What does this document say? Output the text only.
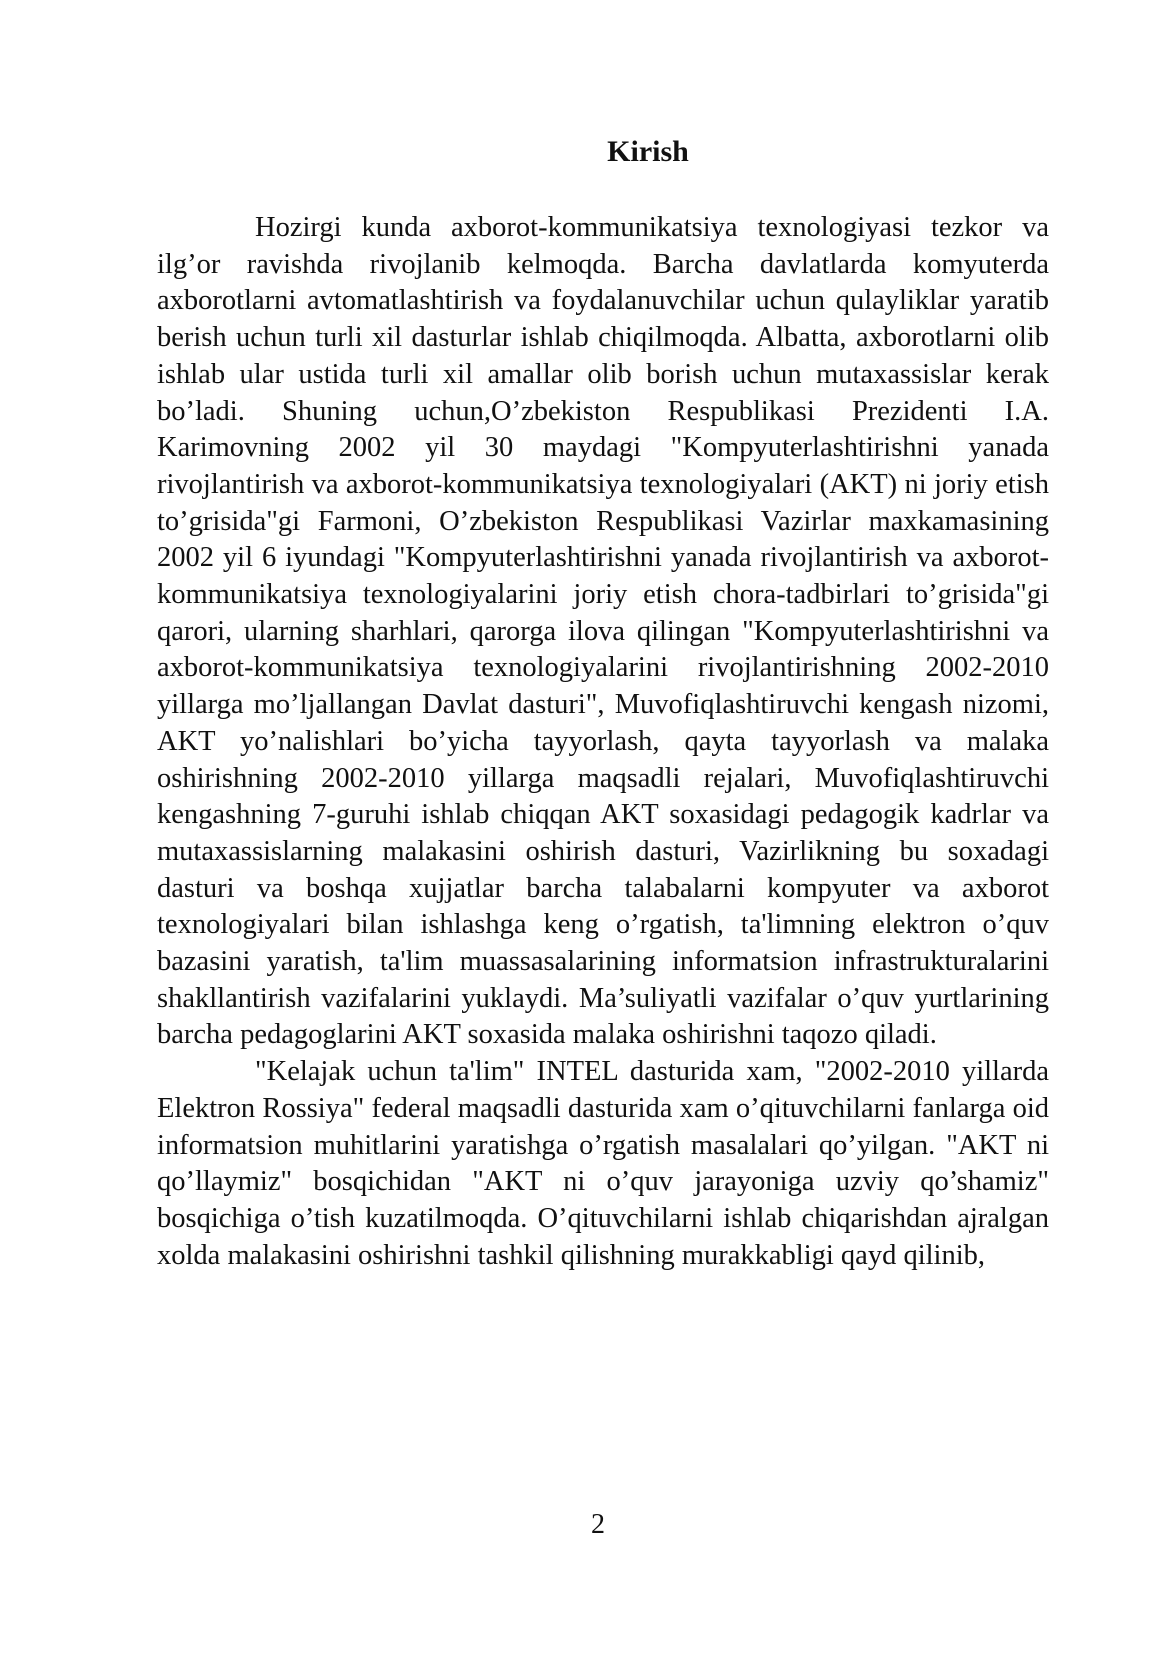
Kirish

Hozirgi kunda axborot-kommunikatsiya texnologiyasi tezkor va ilg’or ravishda rivojlanib kelmoqda. Barcha davlatlarda komyuterda axborotlarni avtomatlashtirish va foydalanuvchilar uchun qulayliklar yaratib berish uchun turli xil dasturlar ishlab chiqilmoqda. Albatta, axborotlarni olib ishlab ular ustida turli xil amallar olib borish uchun mutaxassislar kerak bo’ladi. Shuning uchun,O’zbekiston Respublikasi Prezidenti I.A. Karimovning 2002 yil 30 maydagi "Kompyuterlashtirishni yanada rivojlantirish va axborot-kommunikatsiya texnologiyalari (AKT) ni joriy etish to’grisida"gi Farmoni, O’zbekiston Respublikasi Vazirlar maxkamasining 2002 yil 6 iyundagi "Kompyuterlashtirishni yanada rivojlantirish va axborot-kommunikatsiya texnologiyalarini joriy etish chora-tadbirlari to’grisida"gi qarori, ularning sharhlari, qarorga ilova qilingan "Kompyuterlashtirishni va axborot-kommunikatsiya texnologiyalarini rivojlantirishning 2002-2010 yillarga mo’ljallangan Davlat dasturi", Muvofiqlashtiruvchi kengash nizomi, AKT yo’nalishlari bo’yicha tayyorlash, qayta tayyorlash va malaka oshirishning 2002-2010 yillarga maqsadli rejalari, Muvofiqlashtiruvchi kengashning 7-guruhi ishlab chiqqan AKT soxasidagi pedagogik kadrlar va mutaxassislarning malakasini oshirish dasturi, Vazirlikning bu soxadagi dasturi va boshqa xujjatlar barcha talabalarni kompyuter va axborot texnologiyalari bilan ishlashga keng o’rgatish, ta'limning elektron o’quv bazasini yaratish, ta'lim muassasalarining informatsion infrastrukturalarini shakllantirish vazifalarini yuklaydi. Ma’suliyatli vazifalar o’quv yurtlarining barcha pedagoglarini AKT soxasida malaka oshirishni taqozo qiladi.

"Kelajak uchun ta'lim" INTEL dasturida xam, "2002-2010 yillarda Elektron Rossiya" federal maqsadli dasturida xam o’qituvchilarni fanlarga oid informatsion muhitlarini yaratishga o’rgatish masalalari qo’yilgan. "AKT ni qo’llaymiz" bosqichidan "AKT ni o’quv jarayoniga uzviy qo’shamiz" bosqichiga o’tish kuzatilmoqda. O’qituvchilarni ishlab chiqarishdan ajralgan xolda malakasini oshirishni tashkil qilishning murakkabligi qayd qilinib,

2
